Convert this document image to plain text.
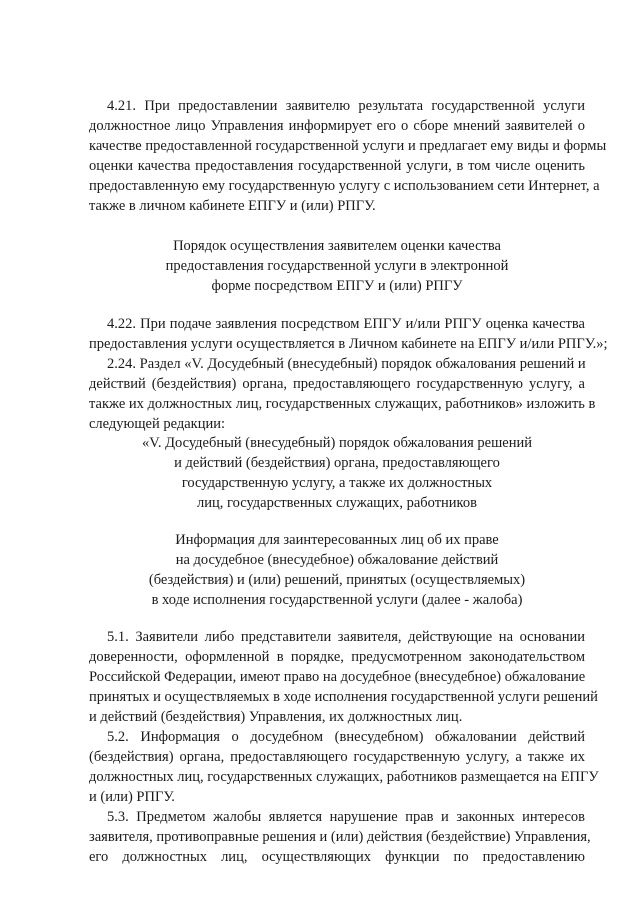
4.21. При предоставлении заявителю результата государственной услуги
должностное лицо Управления информирует его о сборе мнений заявителей о
качестве предоставленной государственной услуги и предлагает ему виды и формы
оценки качества предоставления государственной услуги, в том числе оценить
предоставленную ему государственную услугу с использованием сети Интернет, а
также в личном кабинете ЕПГУ и (или) РПГУ.
Порядок осуществления заявителем оценки качества
предоставления государственной услуги в электронной
форме посредством ЕПГУ и (или) РПГУ
4.22. При подаче заявления посредством ЕПГУ и/или РПГУ оценка качества
предоставления услуги осуществляется в Личном кабинете на ЕПГУ и/или РПГУ.»;
2.24. Раздел «V. Досудебный (внесудебный) порядок обжалования решений и
действий (бездействия) органа, предоставляющего государственную услугу, а
также их должностных лиц, государственных служащих, работников» изложить в
следующей редакции:
«V. Досудебный (внесудебный) порядок обжалования решений
и действий (бездействия) органа, предоставляющего
государственную услугу, а также их должностных
лиц, государственных служащих, работников
Информация для заинтересованных лиц об их праве
на досудебное (внесудебное) обжалование действий
(бездействия) и (или) решений, принятых (осуществляемых)
в ходе исполнения государственной услуги (далее - жалоба)
5.1. Заявители либо представители заявителя, действующие на основании
доверенности, оформленной в порядке, предусмотренном законодательством
Российской Федерации, имеют право на досудебное (внесудебное) обжалование
принятых и осуществляемых в ходе исполнения государственной услуги решений
и действий (бездействия) Управления, их должностных лиц.
5.2. Информация о досудебном (внесудебном) обжаловании действий
(бездействия) органа, предоставляющего государственную услугу, а также их
должностных лиц, государственных служащих, работников размещается на ЕПГУ
и (или) РПГУ.
5.3. Предметом жалобы является нарушение прав и законных интересов
заявителя, противоправные решения и (или) действия (бездействие) Управления,
его должностных лиц, осуществляющих функции по предоставлению
